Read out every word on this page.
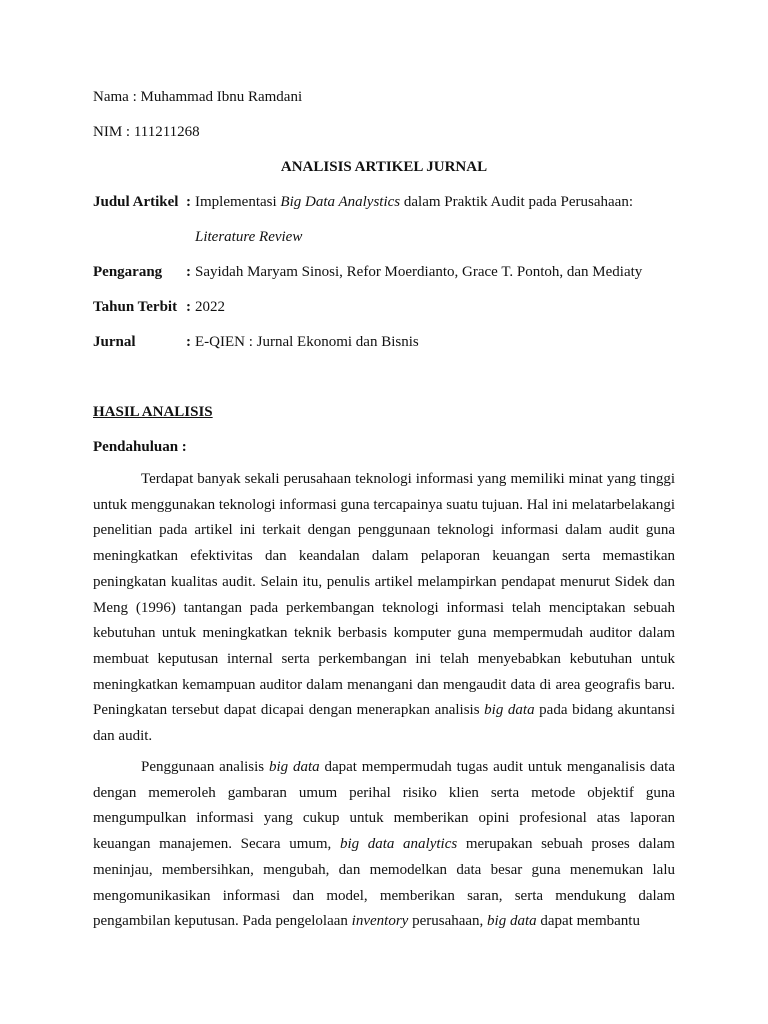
Nama : Muhammad Ibnu Ramdani
NIM : 111211268
ANALISIS ARTIKEL JURNAL
Judul Artikel : Implementasi Big Data Analystics dalam Praktik Audit pada Perusahaan:
Literature Review
Pengarang : Sayidah Maryam Sinosi, Refor Moerdianto, Grace T. Pontoh, dan Mediaty
Tahun Terbit : 2022
Jurnal	: E-QIEN : Jurnal Ekonomi dan Bisnis
HASIL ANALISIS
Pendahuluan :

Terdapat banyak sekali perusahaan teknologi informasi yang memiliki minat yang tinggi untuk menggunakan teknologi informasi guna tercapainya suatu tujuan. Hal ini melatarbelakangi penelitian pada artikel ini terkait dengan penggunaan teknologi informasi dalam audit guna meningkatkan efektivitas dan keandalan dalam pelaporan keuangan serta memastikan peningkatan kualitas audit. Selain itu, penulis artikel melampirkan pendapat menurut Sidek dan Meng (1996) tantangan pada perkembangan teknologi informasi telah menciptakan sebuah kebutuhan untuk meningkatkan teknik berbasis komputer guna mempermudah auditor dalam membuat keputusan internal serta perkembangan ini telah menyebabkan kebutuhan untuk meningkatkan kemampuan auditor dalam menangani dan mengaudit data di area geografis baru. Peningkatan tersebut dapat dicapai dengan menerapkan analisis big data pada bidang akuntansi dan audit.

Penggunaan analisis big data dapat mempermudah tugas audit untuk menganalisis data dengan memeroleh gambaran umum perihal risiko klien serta metode objektif guna mengumpulkan informasi yang cukup untuk memberikan opini profesional atas laporan keuangan manajemen. Secara umum, big data analytics merupakan sebuah proses dalam meninjau, membersihkan, mengubah, dan memodelkan data besar guna menemukan lalu mengomunikasikan informasi dan model, memberikan saran, serta mendukung dalam pengambilan keputusan. Pada pengelolaan inventory perusahaan, big data dapat membantu
